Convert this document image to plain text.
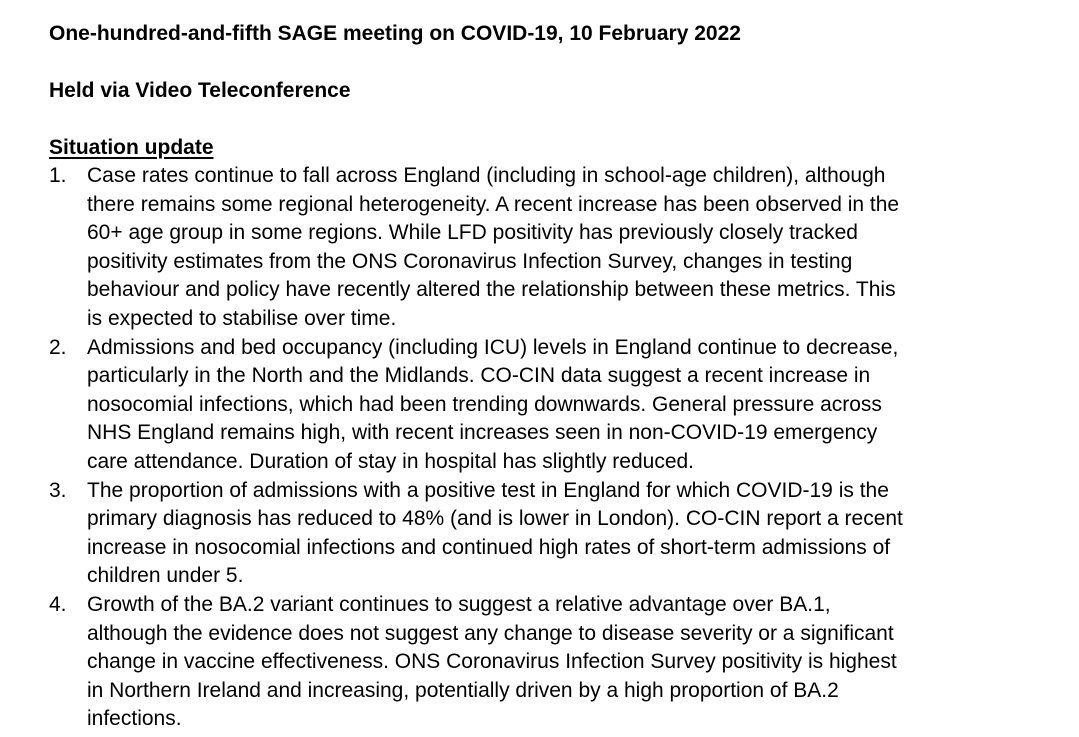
One-hundred-and-fifth SAGE meeting on COVID-19, 10 February 2022
Held via Video Teleconference
Situation update
1. Case rates continue to fall across England (including in school-age children), although
there remains some regional heterogeneity. A recent increase has been observed in the
60+ age group in some regions. While LFD positivity has previously closely tracked
positivity estimates from the ONS Coronavirus Infection Survey, changes in testing
behaviour and policy have recently altered the relationship between these metrics. This
is expected to stabilise over time.
2. Admissions and bed occupancy (including ICU) levels in England continue to decrease,
particularly in the North and the Midlands. CO-CIN data suggest a recent increase in
nosocomial infections, which had been trending downwards. General pressure across
NHS England remains high, with recent increases seen in non-COVID-19 emergency
care attendance. Duration of stay in hospital has slightly reduced.
3. The proportion of admissions with a positive test in England for which COVID-19 is the
primary diagnosis has reduced to 48% (and is lower in London). CO-CIN report a recent
increase in nosocomial infections and continued high rates of short-term admissions of
children under 5.
4. Growth of the BA.2 variant continues to suggest a relative advantage over BA.1,
although the evidence does not suggest any change to disease severity or a significant
change in vaccine effectiveness. ONS Coronavirus Infection Survey positivity is highest
in Northern Ireland and increasing, potentially driven by a high proportion of BA.2
infections.
